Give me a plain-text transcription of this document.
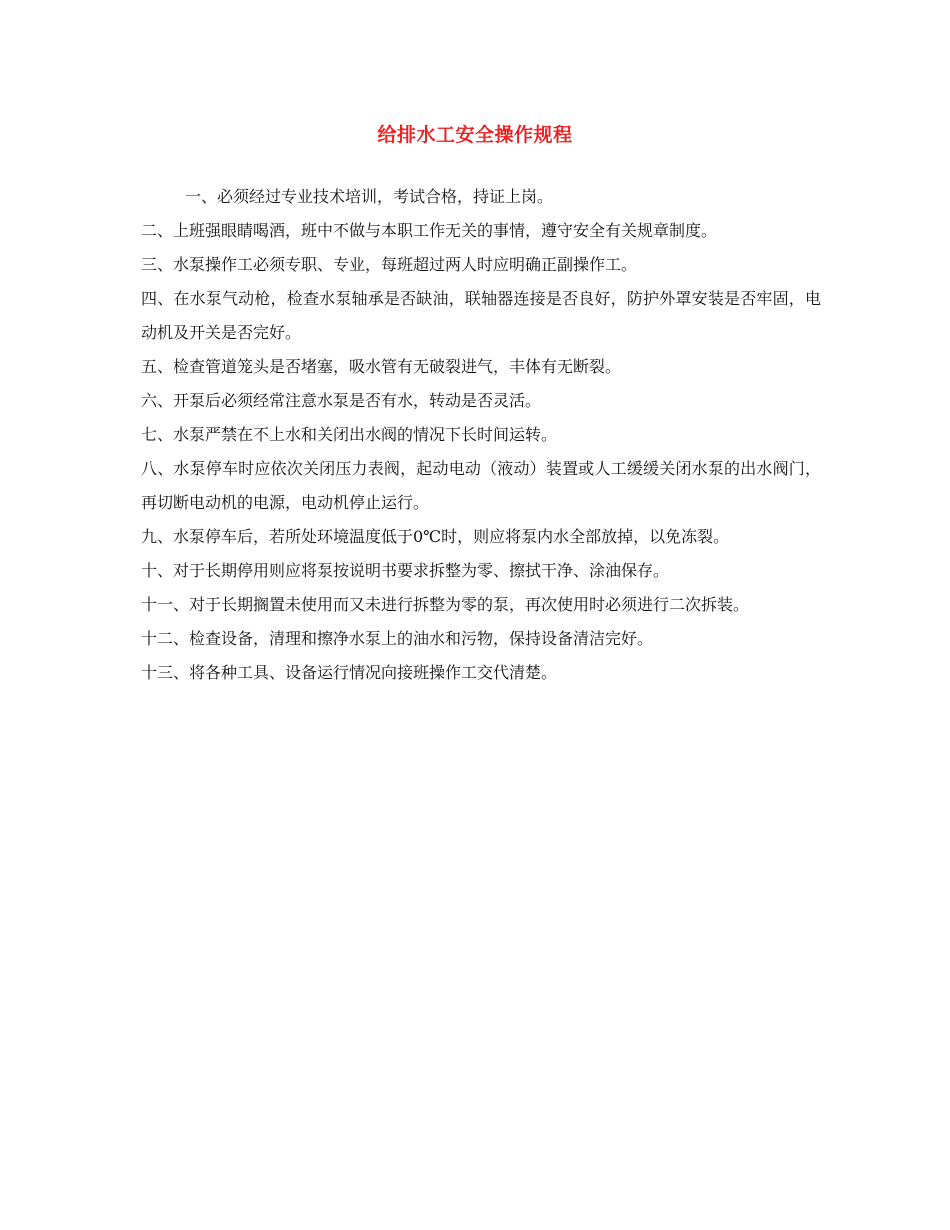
给排水工安全操作规程

一、必须经过专业技术培训，考试合格，持证上岗。

二、上班强眼睛喝酒，班中不做与本职工作无关的事情，遵守安全有关规章制度。

三、水泵操作工必须专职、专业，每班超过两人时应明确正副操作工。

四、在水泵气动枪，检查水泵轴承是否缺油，联轴器连接是否良好，防护外罩安装是否牢固，电动机及开关是否完好。

五、检查管道笼头是否堵塞，吸水管有无破裂进气，丰体有无断裂。

六、开泵后必须经常注意水泵是否有水，转动是否灵活。

七、水泵严禁在不上水和关闭出水阀的情况下长时间运转。

八、水泵停车时应依次关闭压力表阀，起动电动（液动）装置或人工缓缓关闭水泵的出水阀门，再切断电动机的电源，电动机停止运行。

九、水泵停车后，若所处环境温度低于0℃时，则应将泵内水全部放掉，以免冻裂。

十、对于长期停用则应将泵按说明书要求拆整为零、擦拭干净、涂油保存。

十一、对于长期搁置未使用而又未进行拆整为零的泵，再次使用时必须进行二次拆装。

十二、检查设备，清理和擦净水泵上的油水和污物，保持设备清洁完好。

十三、将各种工具、设备运行情况向接班操作工交代清楚。
